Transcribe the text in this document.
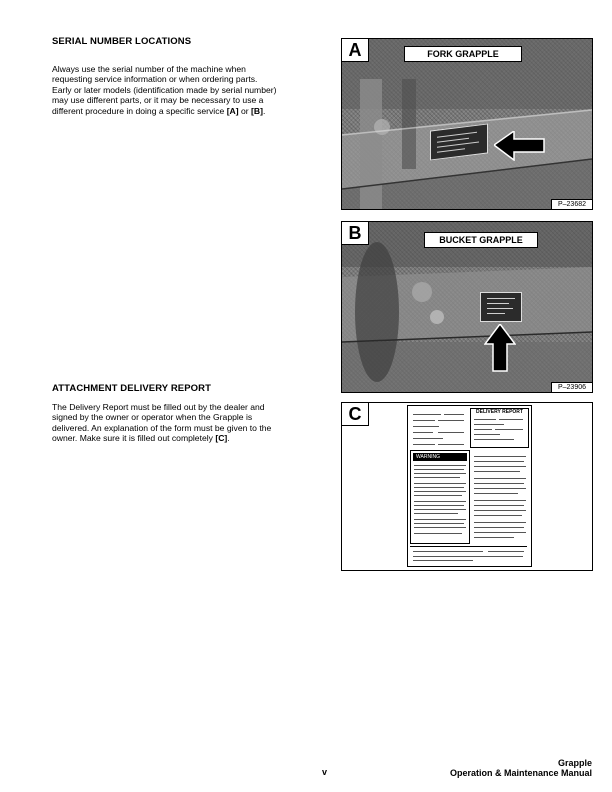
SERIAL NUMBER LOCATIONS

Always use the serial number of the machine when
requesting service information or when ordering parts.
Early or later models (identification made by serial number)
may use different parts, or it may be necessary to use a
different procedure in doing a specific service [A] or [B].

ATTACHMENT DELIVERY REPORT

The Delivery Report must be filled out by the dealer and
signed by the owner or operator when the Grapple is
delivered. An explanation of the form must be given to the
owner. Make sure it is filled out completely [C].

A	FORK GRAPPLE
P–23682
B	BUCKET GRAPPLE
P–23906
C	DELIVERY REPORT
WARNING
v
Grapple
Operation & Maintenance Manual
